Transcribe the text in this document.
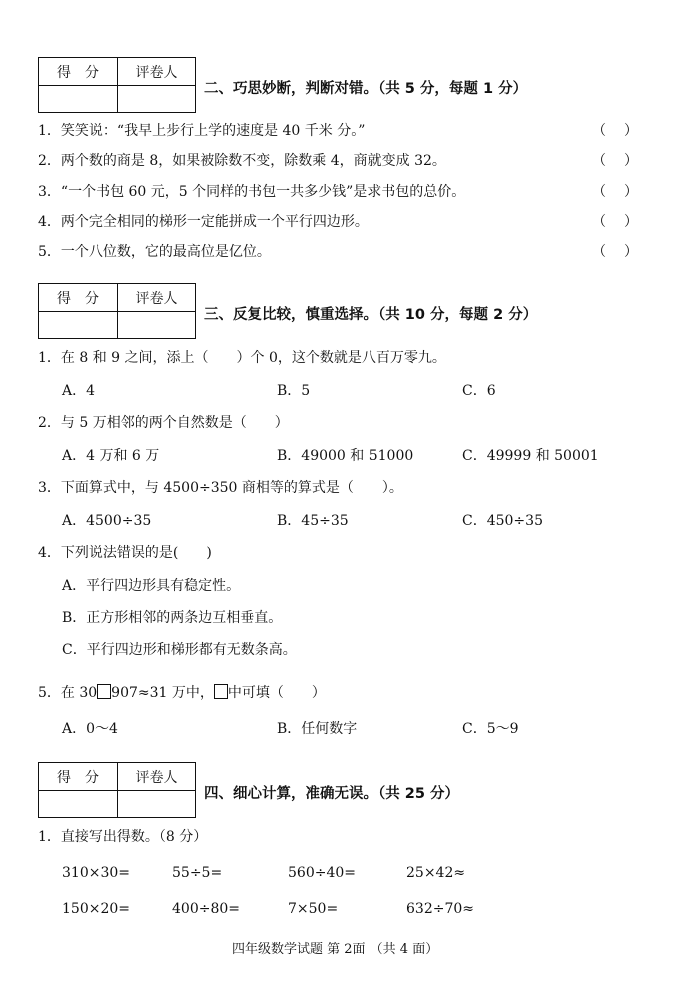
得　分	评卷人
二、巧思妙断，判断对错。（共 5 分，每题 1 分）
1．笑笑说：“我早上步行上学的速度是 40 千米 分。”	（ ）
2．两个数的商是 8，如果被除数不变，除数乘 4，商就变成 32。	（ ）
3．“一个书包 60 元，5 个同样的书包一共多少钱”是求书包的总价。	（ ）
4．两个完全相同的梯形一定能拼成一个平行四边形。	（ ）
5．一个八位数，它的最高位是亿位。	（ ）
得　分	评卷人
三、反复比较，慎重选择。（共 10 分，每题 2 分）
1．在 8 和 9 之间，添上（　　）个 0，这个数就是八百万零九。
A．4	B．5	C．6
2．与 5 万相邻的两个自然数是（　　）
A．4 万和 6 万	B．49000 和 51000	C．49999 和 50001
3．下面算式中，与 4500÷350 商相等的算式是（　　）。
A．4500÷35	B．45÷35	C．450÷35
4．下列说法错误的是(　　)
A．平行四边形具有稳定性。
B．正方形相邻的两条边互相垂直。
C．平行四边形和梯形都有无数条高。
5．在 30 907≈31 万中， 中可填（　　）
A．0～4	B．任何数字	C．5～9
得　分	评卷人
四、细心计算，准确无误。（共 25 分）
1．直接写出得数。（8 分）
310×30=	55÷5=	560÷40=	25×42≈
150×20=	400÷80=	7×50=	632÷70≈
四年级数学试题 第 2面 （共 4 面）
